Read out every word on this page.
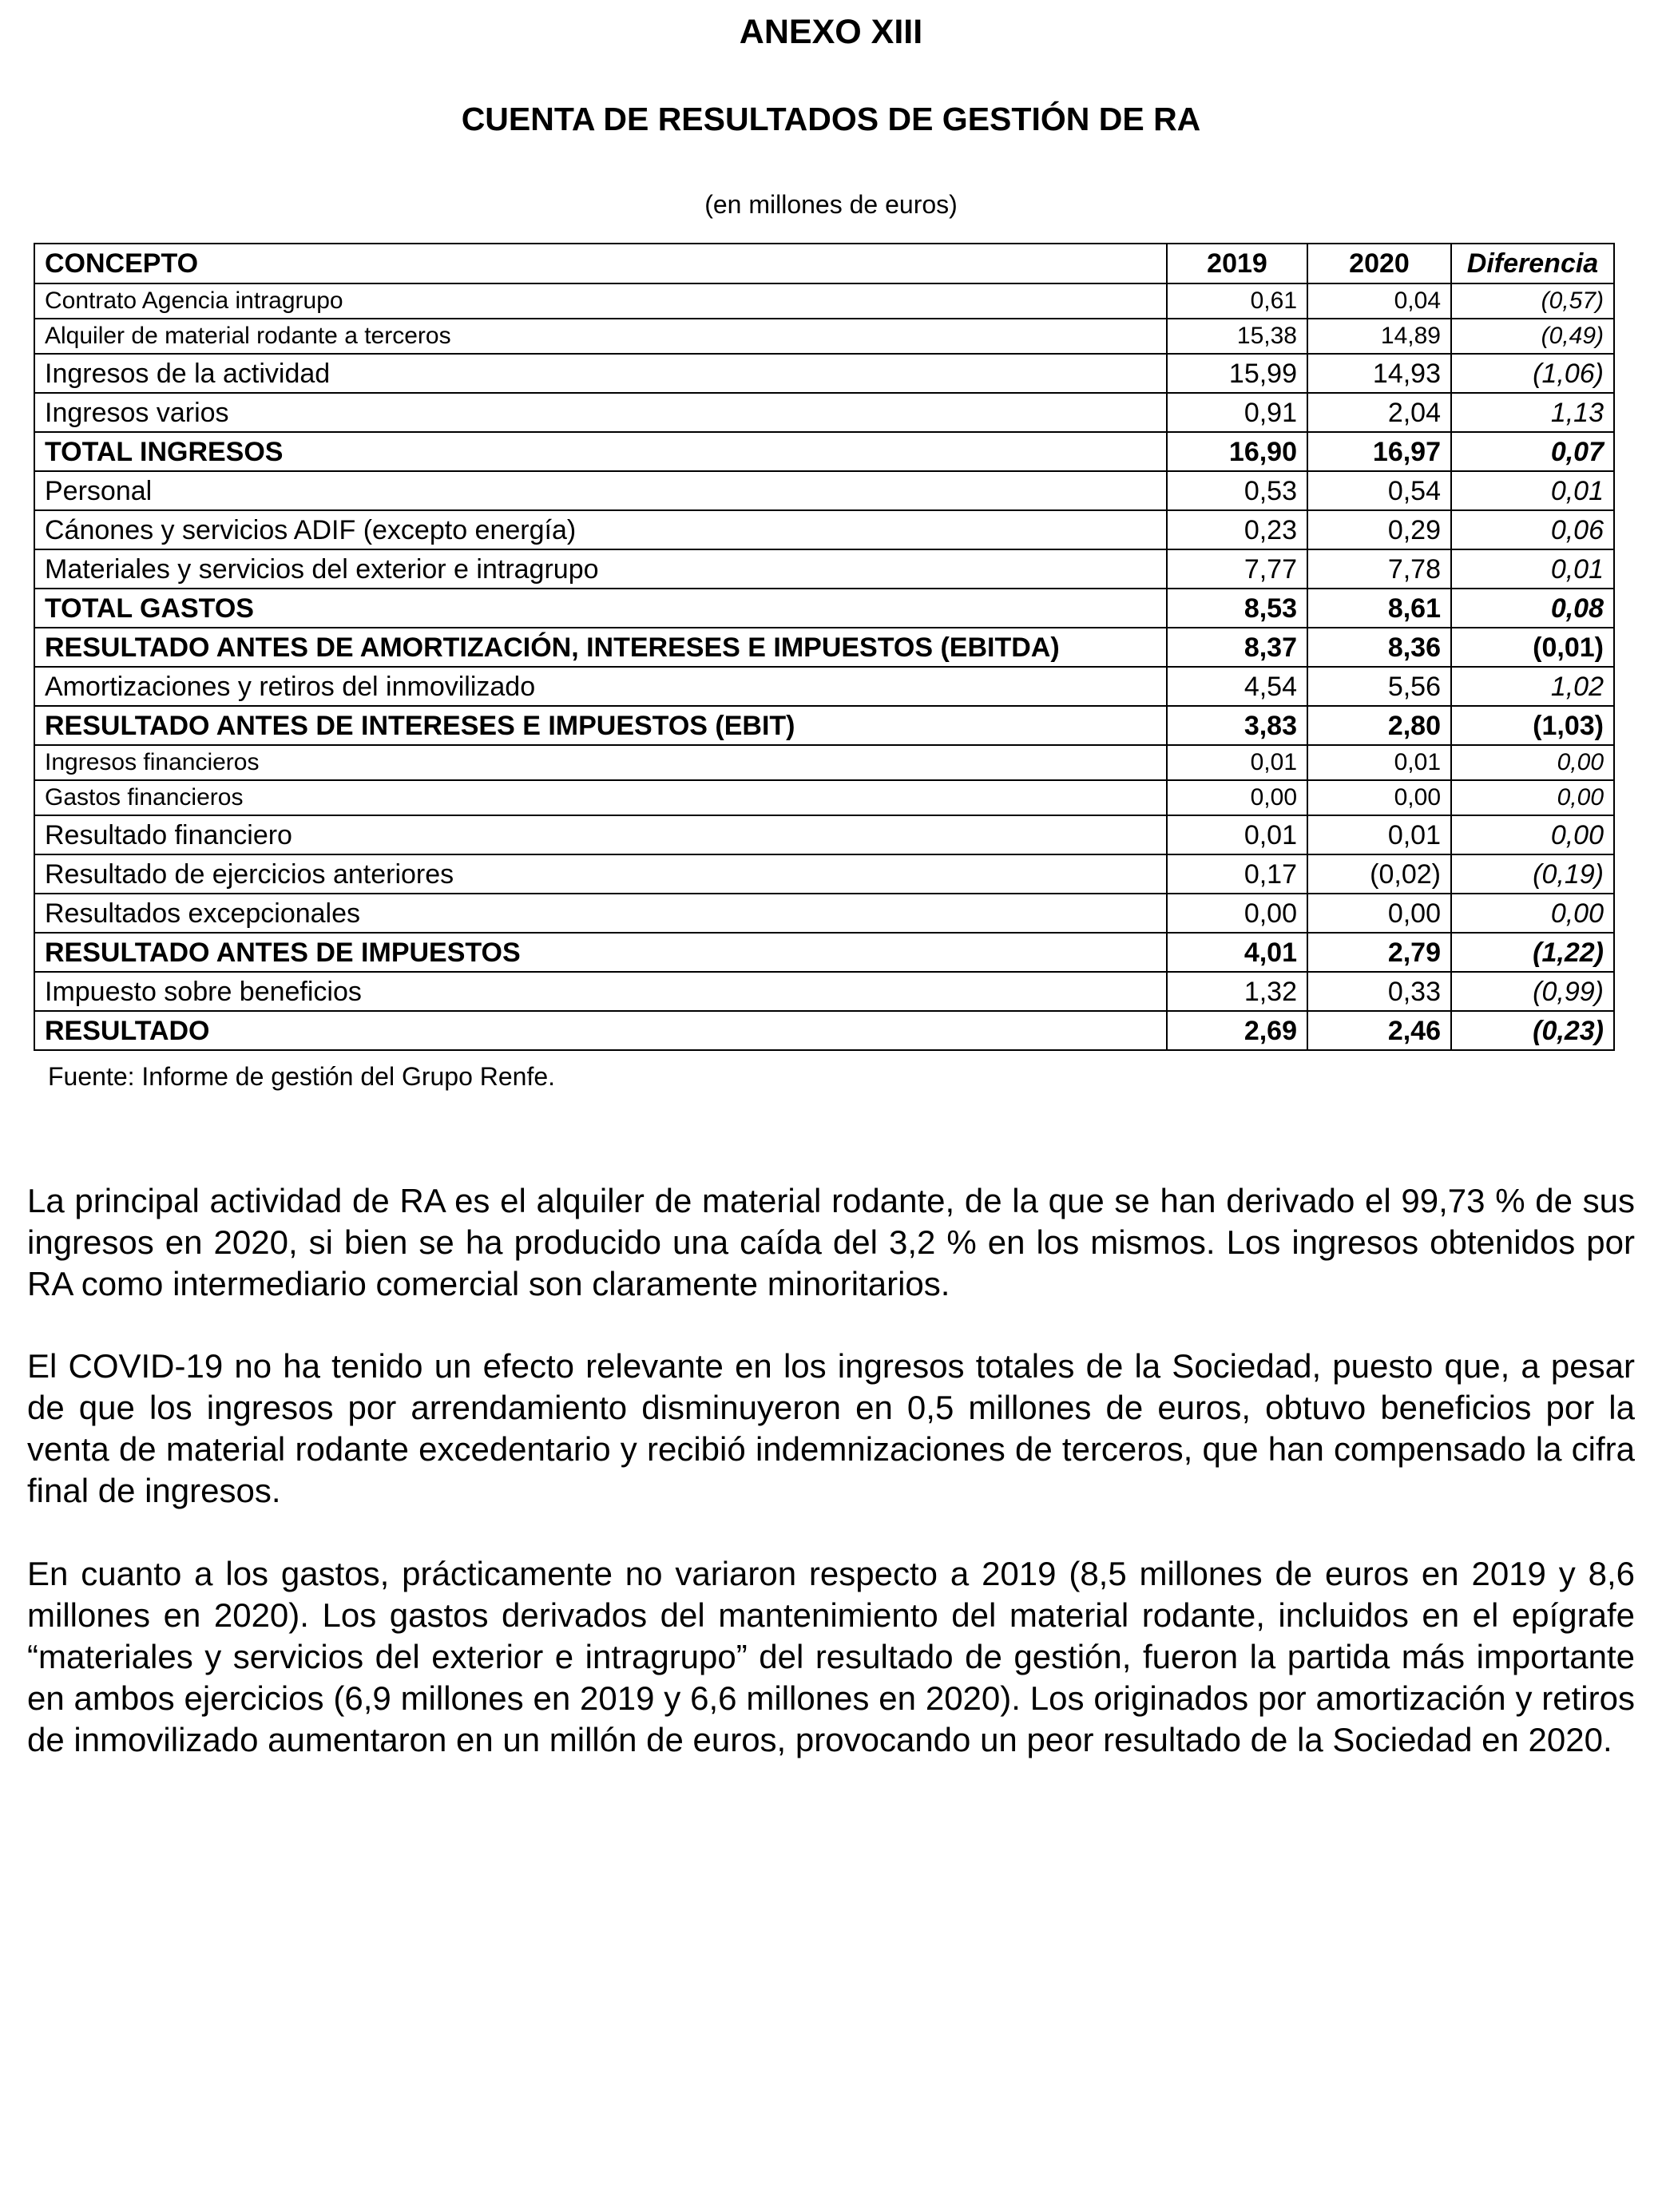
ANEXO XIII
CUENTA DE RESULTADOS DE GESTIÓN DE RA
(en millones de euros)
CONCEPTO	2019	2020	Diferencia
Contrato Agencia intragrupo	0,61	0,04	(0,57)
Alquiler de material rodante a terceros	15,38	14,89	(0,49)
Ingresos de la actividad	15,99	14,93	(1,06)
Ingresos varios	0,91	2,04	1,13
TOTAL INGRESOS	16,90	16,97	0,07
Personal	0,53	0,54	0,01
Cánones y servicios ADIF (excepto energía)	0,23	0,29	0,06
Materiales y servicios del exterior e intragrupo	7,77	7,78	0,01
TOTAL GASTOS	8,53	8,61	0,08
RESULTADO ANTES DE AMORTIZACIÓN, INTERESES E IMPUESTOS (EBITDA)	8,37	8,36	(0,01)
Amortizaciones y retiros del inmovilizado	4,54	5,56	1,02
RESULTADO ANTES DE INTERESES E IMPUESTOS (EBIT)	3,83	2,80	(1,03)
Ingresos financieros	0,01	0,01	0,00
Gastos financieros	0,00	0,00	0,00
Resultado financiero	0,01	0,01	0,00
Resultado de ejercicios anteriores	0,17	(0,02)	(0,19)
Resultados excepcionales	0,00	0,00	0,00
RESULTADO ANTES DE IMPUESTOS	4,01	2,79	(1,22)
Impuesto sobre beneficios	1,32	0,33	(0,99)
RESULTADO	2,69	2,46	(0,23)
Fuente: Informe de gestión del Grupo Renfe.

La principal actividad de RA es el alquiler de material rodante, de la que se han derivado el 99,73 % de sus ingresos en 2020, si bien se ha producido una caída del 3,2 % en los mismos. Los ingresos obtenidos por RA como intermediario comercial son claramente minoritarios.

El COVID-19 no ha tenido un efecto relevante en los ingresos totales de la Sociedad, puesto que, a pesar de que los ingresos por arrendamiento disminuyeron en 0,5 millones de euros, obtuvo beneficios por la venta de material rodante excedentario y recibió indemnizaciones de terceros, que han compensado la cifra final de ingresos.

En cuanto a los gastos, prácticamente no variaron respecto a 2019 (8,5 millones de euros en 2019 y 8,6 millones en 2020). Los gastos derivados del mantenimiento del material rodante, incluidos en el epígrafe “materiales y servicios del exterior e intragrupo” del resultado de gestión, fueron la partida más importante en ambos ejercicios (6,9 millones en 2019 y 6,6 millones en 2020). Los originados por amortización y retiros de inmovilizado aumentaron en un millón de euros, provocando un peor resultado de la Sociedad en 2020.
